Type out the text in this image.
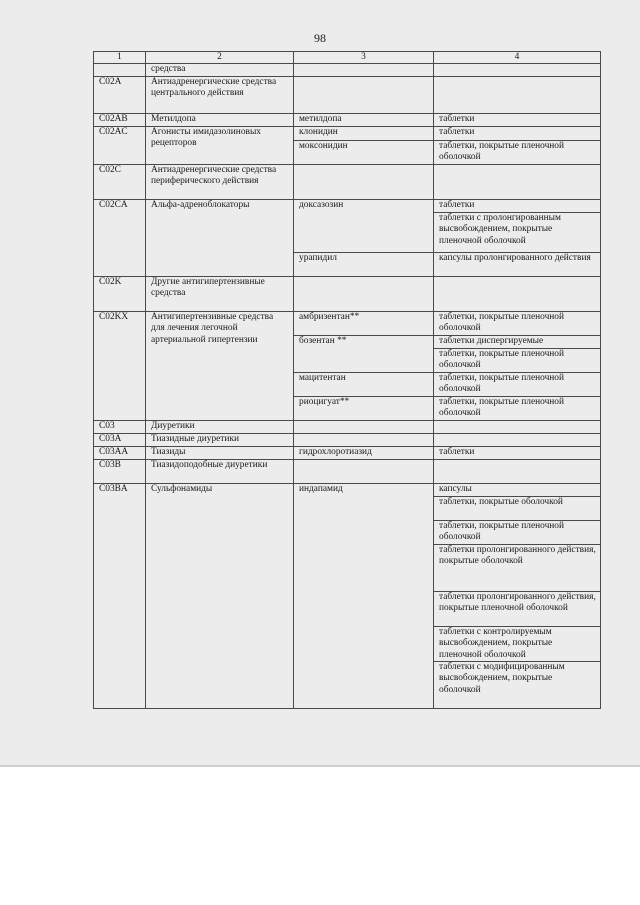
98
1	2	3	4
	средства		
C02A	Антиадренергические средства центрального действия		
C02AB	Метилдопа	метилдопа	таблетки
C02AC	Агонисты имидазолиновых рецепторов	клонидин	таблетки
		моксонидин	таблетки, покрытые пленочной оболочкой
C02C	Антиадренергические средства периферического действия		
C02CA	Альфа-адреноблокаторы	доксазозин	таблетки
			таблетки с пролонгированным высвобождением, покрытые пленочной оболочкой
		урапидил	капсулы пролонгированного действия
C02K	Другие антигипертензивные средства		
C02KX	Антигипертензивные средства для лечения легочной артериальной гипертензии	амбризентан**	таблетки, покрытые пленочной оболочкой
		бозентан **	таблетки диспергируемые
			таблетки, покрытые пленочной оболочкой
		мацитентан	таблетки, покрытые пленочной оболочкой
		риоцигуат**	таблетки, покрытые пленочной оболочкой
C03	Диуретики		
C03A	Тиазидные диуретики		
C03AA	Тиазиды	гидрохлоротиазид	таблетки
C03B	Тиазидоподобные диуретики		
C03BA	Сульфонамиды	индапамид	капсулы
			таблетки, покрытые оболочкой
			таблетки, покрытые пленочной оболочкой
			таблетки пролонгированного действия, покрытые оболочкой
			таблетки пролонгированного действия, покрытые пленочной оболочкой
			таблетки с контролируемым высвобождением, покрытые пленочной оболочкой
			таблетки с модифицированным высвобождением, покрытые оболочкой
